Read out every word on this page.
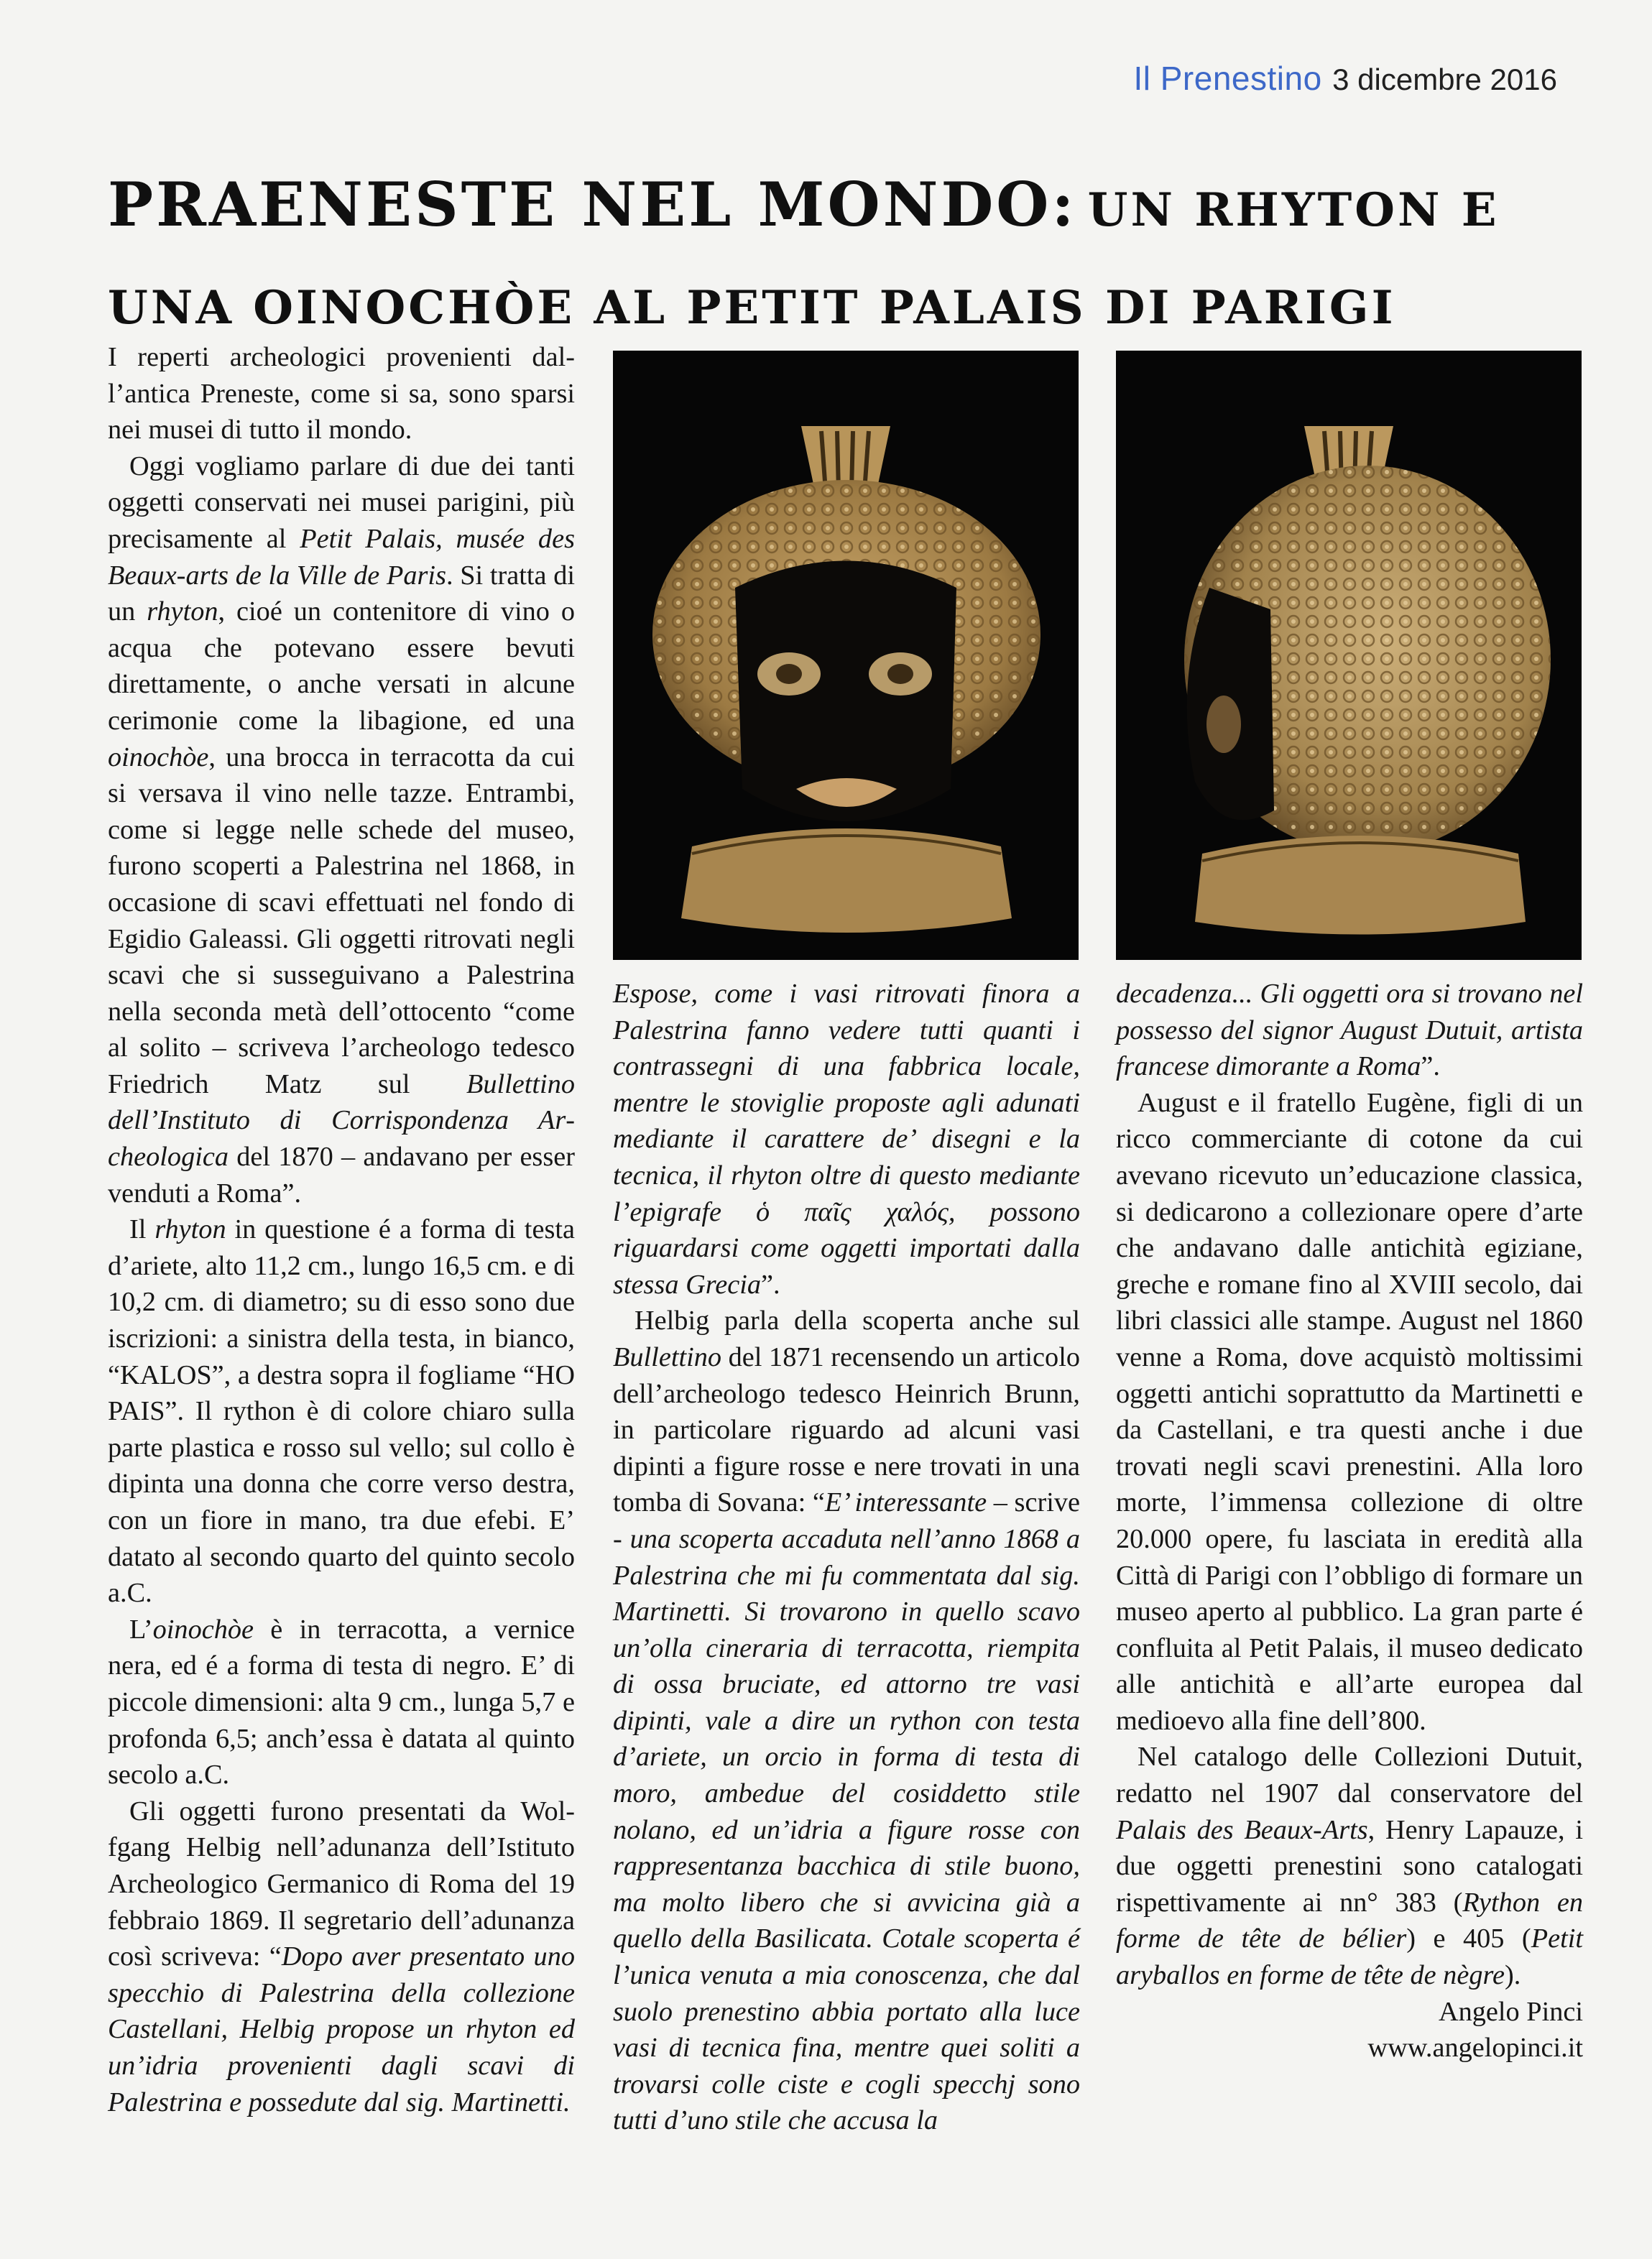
Il Prenestino 3 dicembre 2016
PRAENESTE NEL MONDO: UN RHYTON E
UNA OINOCHÒE AL PETIT PALAIS DI PARIGI

I reperti archeologici provenienti dall’antica Preneste, come si sa, sono sparsi nei musei di tutto il mondo.

Oggi vogliamo parlare di due dei tanti oggetti conservati nei musei parigini, più precisamente al Petit Palais, musée des Beaux-arts de la Ville de Paris. Si tratta di un rhyton, cioé un contenitore di vino o acqua che potevano essere bevuti direttamente, o anche versati in alcune cerimonie come la libagione, ed una oinochòe, una brocca in terracotta da cui si versava il vino nelle tazze. Entrambi, come si legge nelle schede del museo, furono scoperti a Palestrina nel 1868, in occasione di scavi effettuati nel fondo di Egidio Galeassi. Gli oggetti ritrovati negli scavi che si susseguivano a Palestrina nella seconda metà dell’ottocento “come al solito – scriveva l’archeologo tedesco Friedrich Matz sul Bullettino dell’Instituto di Corrispondenza Archeologica del 1870 – andavano per esser venduti a Roma”.

Il rhyton in questione é a forma di testa d’ariete, alto 11,2 cm., lungo 16,5 cm. e di 10,2 cm. di diametro; su di esso sono due iscrizioni: a sinistra della testa, in bianco, “KALOS”, a destra sopra il fogliame “HO PAIS”. Il rython è di colore chiaro sulla parte plastica e rosso sul vello; sul collo è dipinta una donna che corre verso destra, con un fiore in mano, tra due efebi. E’ datato al secondo quarto del quinto secolo a.C.

L’oinochòe è in terracotta, a vernice nera, ed é a forma di testa di negro. E’ di piccole dimensioni: alta 9 cm., lunga 5,7 e profonda 6,5; anch’essa è datata al quinto secolo a.C.

Gli oggetti furono presentati da Wolfgang Helbig nell’adunanza dell’Istituto Archeologico Germanico di Roma del 19 febbraio 1869. Il segretario dell’adunanza così scriveva: “Dopo aver presentato uno specchio di Palestrina della collezione Castellani, Helbig propose un rhyton ed un’idria provenienti dagli scavi di Palestrina e possedute dal sig. Martinetti.

Espose, come i vasi ritrovati finora a Palestrina fanno vedere tutti quanti i contrassegni di una fabbrica locale, mentre le stoviglie proposte agli adunati mediante il carattere de’ disegni e la tecnica, il rhyton oltre di questo mediante l’epigrafe ὁ παῖς χαλός, possono riguardarsi come oggetti importati dalla stessa Grecia”.

Helbig parla della scoperta anche sul Bullettino del 1871 recensendo un articolo dell’archeologo tedesco Heinrich Brunn, in particolare riguardo ad alcuni vasi dipinti a figure rosse e nere trovati in una tomba di Sovana: “E’ interessante – scrive - una scoperta accaduta nell’anno 1868 a Palestrina che mi fu commentata dal sig. Martinetti. Si trovarono in quello scavo un’olla cineraria di terracotta, riempita di ossa bruciate, ed attorno tre vasi dipinti, vale a dire un rython con testa d’ariete, un orcio in forma di testa di moro, ambedue del cosiddetto stile nolano, ed un’idria a figure rosse con rappresentanza bacchica di stile buono, ma molto libero che si avvicina già a quello della Basilicata. Cotale scoperta é l’unica venuta a mia conoscenza, che dal suolo prenestino abbia portato alla luce vasi di tecnica fina, mentre quei soliti a trovarsi colle ciste e cogli specchj sono tutti d’uno stile che accusa la

decadenza... Gli oggetti ora si trovano nel possesso del signor August Dutuit, artista francese dimorante a Roma”.

August e il fratello Eugène, figli di un ricco commerciante di cotone da cui avevano ricevuto un’educazione classica, si dedicarono a collezionare opere d’arte che andavano dalle antichità egiziane, greche e romane fino al XVIII secolo, dai libri classici alle stampe. August nel 1860 venne a Roma, dove acquistò moltissimi oggetti antichi soprattutto da Martinetti e da Castellani, e tra questi anche i due trovati negli scavi prenestini. Alla loro morte, l’immensa collezione di oltre 20.000 opere, fu lasciata in eredità alla Città di Parigi con l’obbligo di formare un museo aperto al pubblico. La gran parte é confluita al Petit Palais, il museo dedicato alle antichità e all’arte europea dal medioevo alla fine dell’800.

Nel catalogo delle Collezioni Dutuit, redatto nel 1907 dal conservatore del Palais des Beaux-Arts, Henry Lapauze, i due oggetti prenestini sono catalogati rispettivamente ai nn° 383 (Rython en forme de tête de bélier) e 405 (Petit aryballos en forme de tête de nègre).

Angelo Pinci

www.angelopinci.it
